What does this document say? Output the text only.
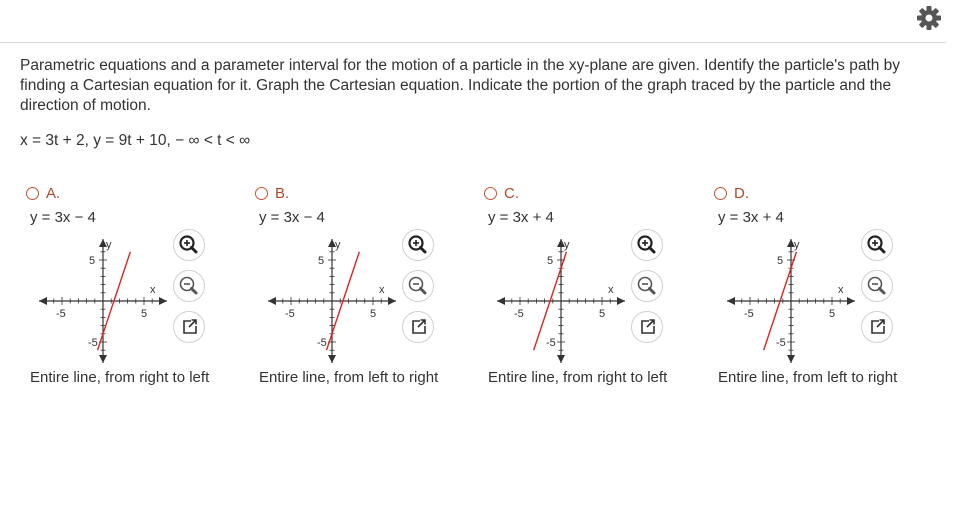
Parametric equations and a parameter interval for the motion of a particle in the xy-plane are given. Identify the particle's path by finding a Cartesian equation for it. Graph the Cartesian equation. Indicate the portion of the graph traced by the particle and the direction of motion.
x = 3t + 2, y = 9t + 10, − ∞ < t < ∞
A.
y = 3x − 4
y
x
5
-5
-5	5
Entire line, from right to left
B.
y = 3x − 4
y
x
5
-5
-5	5
Entire line, from left to right
C.
y = 3x + 4
y
x
5
-5
-5	5
Entire line, from right to left
D.
y = 3x + 4
y
x
5
-5
-5	5
Entire line, from left to right
